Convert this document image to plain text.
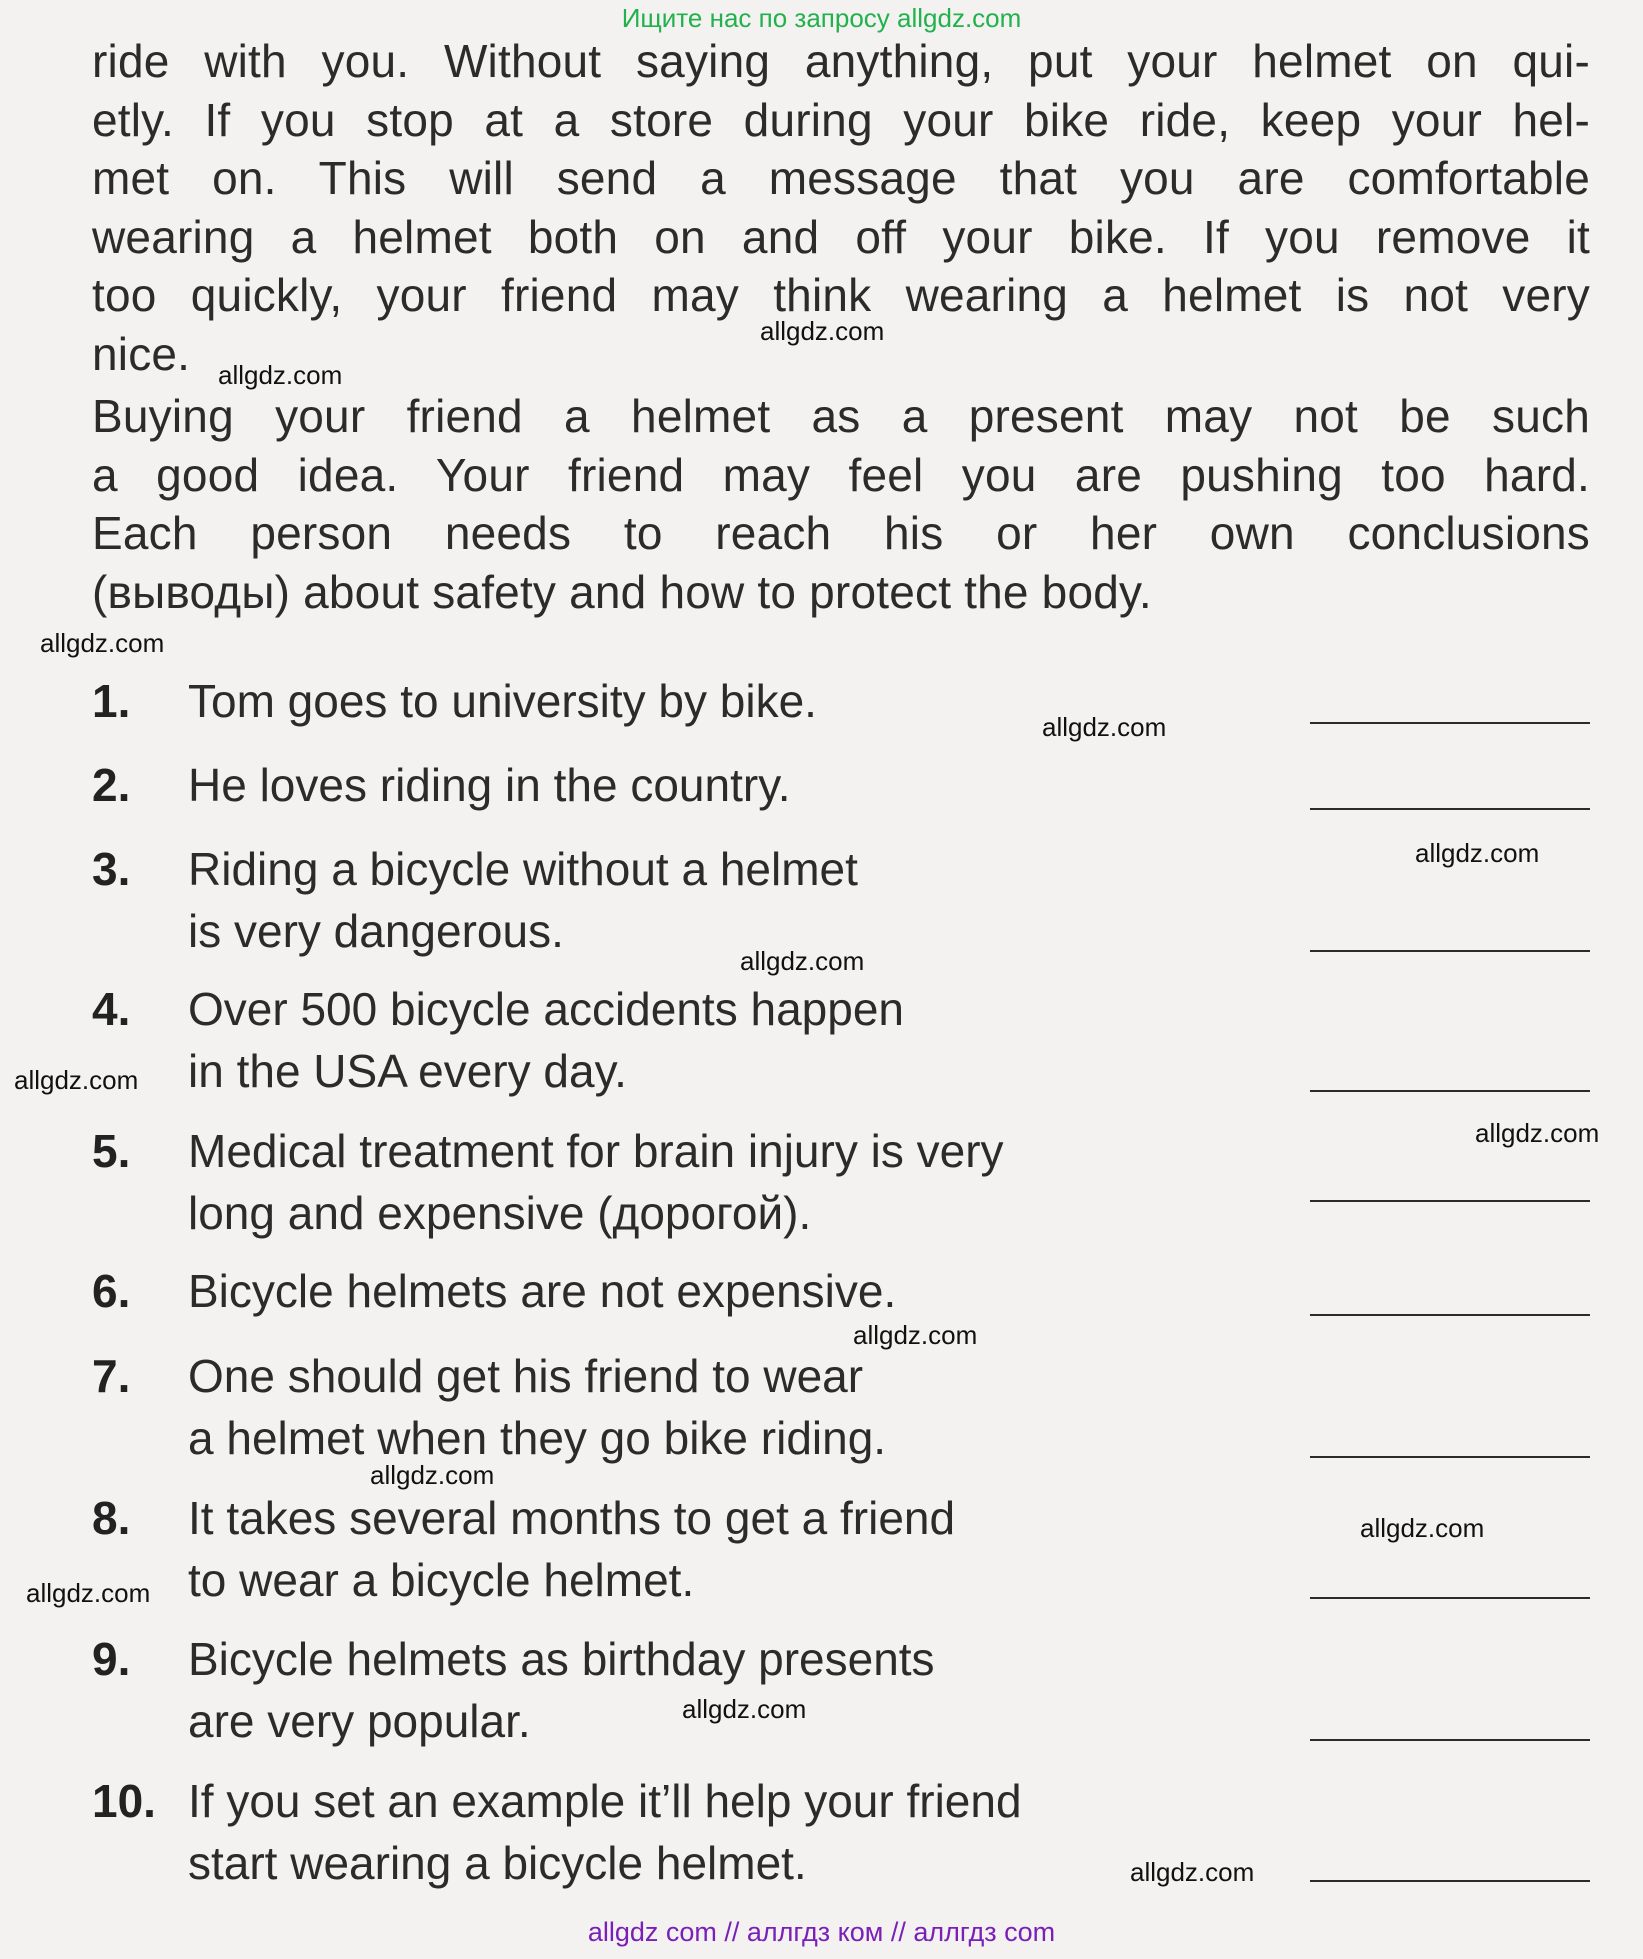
Ищите нас по запросу allgdz.com
ride with you. Without saying anything, put your helmet on qui-
etly. If you stop at a store during your bike ride, keep your hel-
met on. This will send a message that you are comfortable
wearing a helmet both on and off your bike. If you remove it
too quickly, your friend may think wearing a helmet is not very
nice.
Buying your friend a helmet as a present may not be such
a good idea. Your friend may feel you are pushing too hard.
Each person needs to reach his or her own conclusions
(выводы) about safety and how to protect the body.
1.	Tom goes to university by bike.
2.	He loves riding in the country.
3.	Riding a bicycle without a helmet
is very dangerous.
4.	Over 500 bicycle accidents happen
in the USA every day.
5.	Medical treatment for brain injury is very
long and expensive (дорогой).
6.	Bicycle helmets are not expensive.
7.	One should get his friend to wear
a helmet when they go bike riding.
8.	It takes several months to get a friend
to wear a bicycle helmet.
9.	Bicycle helmets as birthday presents
are very popular.
10. If you set an example it’ll help your friend
start wearing a bicycle helmet.
allgdz.com
allgdz.com
allgdz.com
allgdz.com
allgdz.com
allgdz.com
allgdz.com
allgdz.com
allgdz.com
allgdz.com
allgdz.com
allgdz.com
allgdz.com
allgdz.com
allgdz com // аллгдз ком // аллгдз com
